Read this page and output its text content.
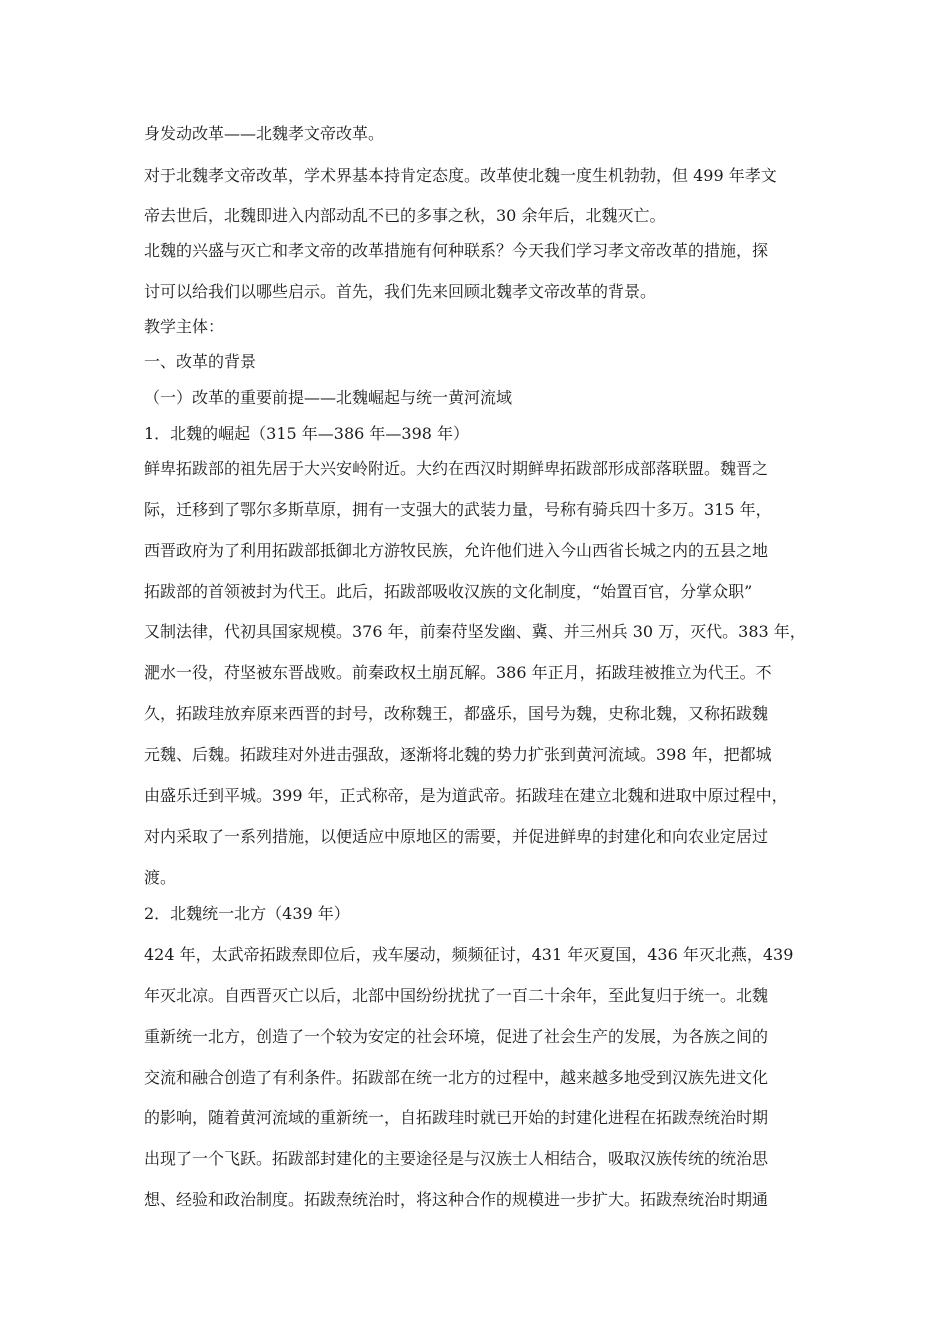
身发动改革——北魏孝文帝改革。
对于北魏孝文帝改革，学术界基本持肯定态度。改革使北魏一度生机勃勃，但 499 年孝文
帝去世后，北魏即进入内部动乱不已的多事之秋，30 余年后，北魏灭亡。
北魏的兴盛与灭亡和孝文帝的改革措施有何种联系？今天我们学习孝文帝改革的措施，探
讨可以给我们以哪些启示。首先，我们先来回顾北魏孝文帝改革的背景。
教学主体：
一、改革的背景
（一）改革的重要前提——北魏崛起与统一黄河流域
1．北魏的崛起（315 年—386 年—398 年）
鲜卑拓跋部的祖先居于大兴安岭附近。大约在西汉时期鲜卑拓跋部形成部落联盟。魏晋之
际，迁移到了鄂尔多斯草原，拥有一支强大的武装力量，号称有骑兵四十多万。315 年，
西晋政府为了利用拓跋部抵御北方游牧民族，允许他们进入今山西省长城之内的五县之地
拓跋部的首领被封为代王。此后，拓跋部吸收汉族的文化制度，“始置百官，分掌众职”
又制法律，代初具国家规模。376 年，前秦苻坚发幽、冀、并三州兵 30 万，灭代。383 年，
淝水一役，苻坚被东晋战败。前秦政权土崩瓦解。386 年正月，拓跋珪被推立为代王。不
久，拓跋珪放弃原来西晋的封号，改称魏王，都盛乐，国号为魏，史称北魏，又称拓跋魏
元魏、后魏。拓跋珪对外进击强敌，逐渐将北魏的势力扩张到黄河流域。398 年，把都城
由盛乐迁到平城。399 年，正式称帝，是为道武帝。拓跋珪在建立北魏和进取中原过程中，
对内采取了一系列措施，以便适应中原地区的需要，并促进鲜卑的封建化和向农业定居过
渡。
2．北魏统一北方（439 年）
424 年，太武帝拓跋焘即位后，戎车屡动，频频征讨，431 年灭夏国，436 年灭北燕，439
年灭北凉。自西晋灭亡以后，北部中国纷纷扰扰了一百二十余年，至此复归于统一。北魏
重新统一北方，创造了一个较为安定的社会环境，促进了社会生产的发展，为各族之间的
交流和融合创造了有利条件。拓跋部在统一北方的过程中，越来越多地受到汉族先进文化
的影响，随着黄河流域的重新统一，自拓跋珪时就已开始的封建化进程在拓跋焘统治时期
出现了一个飞跃。拓跋部封建化的主要途径是与汉族士人相结合，吸取汉族传统的统治思
想、经验和政治制度。拓跋焘统治时，将这种合作的规模进一步扩大。拓跋焘统治时期通
